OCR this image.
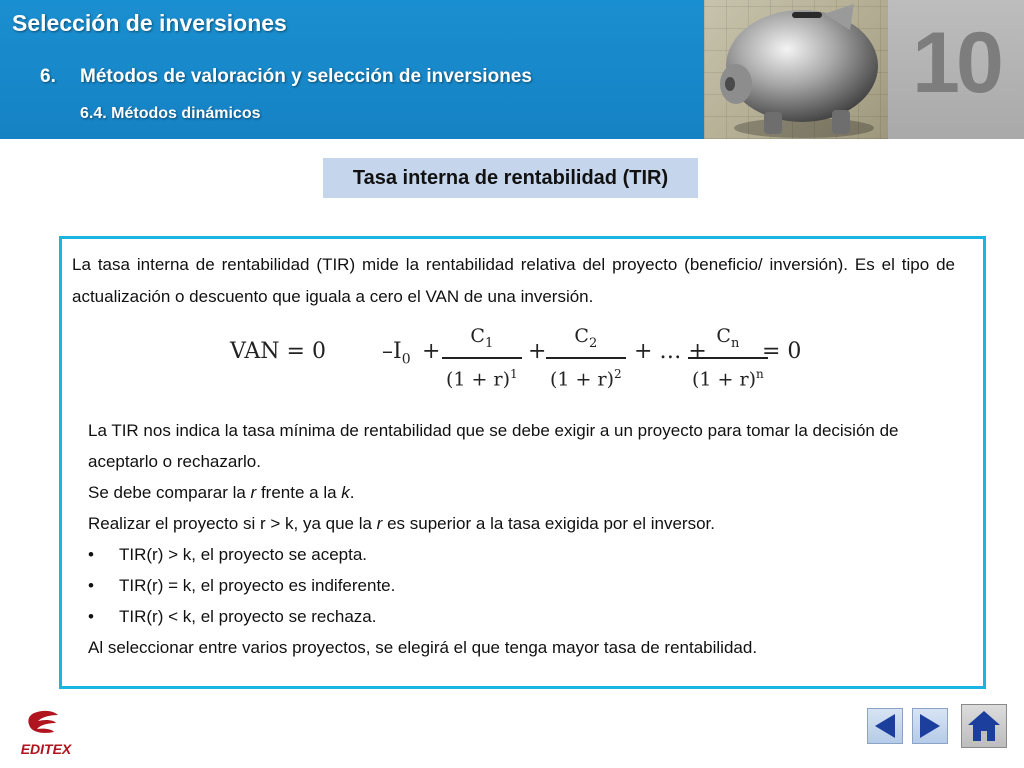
Selección de inversiones
6. Métodos de valoración y selección de inversiones
6.4. Métodos dinámicos
10
Tasa interna de rentabilidad (TIR)
La tasa interna de rentabilidad (TIR) mide la rentabilidad relativa del proyecto (beneficio/ inversión). Es el tipo de actualización o descuento que iguala a cero el VAN de una inversión.
VAN = 0	$-I_0 + \frac{C_1}{(1 + r)^1} + \frac{C_2}{(1 + r)^2}$ + … +
$\frac{C_n}{(1 + r)^n}$
= 0

La TIR nos indica la tasa mínima de rentabilidad que se debe exigir a un proyecto para tomar la decisión de aceptarlo o rechazarlo.

Se debe comparar la r frente a la k.

Realizar el proyecto si r > k, ya que la r es superior a la tasa exigida por el inversor.

•	TIR(r) > k, el proyecto se acepta.
•	TIR(r) = k, el proyecto es indiferente.
•	TIR(r) < k, el proyecto se rechaza.

Al seleccionar entre varios proyectos, se elegirá el que tenga mayor tasa de rentabilidad.

EDITEX
